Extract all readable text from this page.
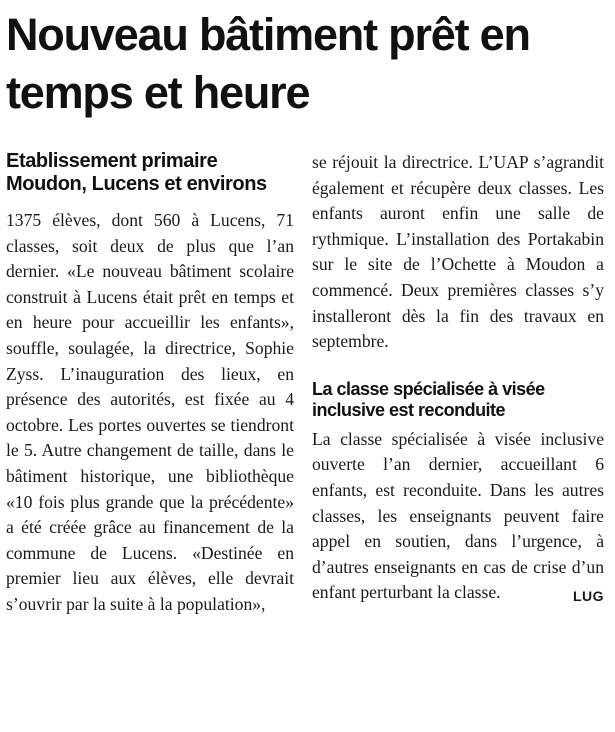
Nouveau bâtiment prêt en temps et heure
Etablissement primaire Moudon, Lucens et environs

1375 élèves, dont 560 à Lucens, 71 classes, soit deux de plus que l’an dernier. «Le nouveau bâtiment scolaire construit à Lucens était prêt en temps et en heure pour accueillir les enfants», souffle, soulagée, la directrice, Sophie Zyss. L’inauguration des lieux, en présence des autorités, est fixée au 4 octobre. Les portes ouvertes se tiendront le 5. Autre changement de taille, dans le bâtiment historique, une bibliothèque «10 fois plus grande que la précédente» a été créée grâce au financement de la commune de Lucens. «Destinée en premier lieu aux élèves, elle devrait s’ouvrir par la suite à la population»,

se réjouit la directrice. L’UAP s’agrandit également et récupère deux classes. Les enfants auront enfin une salle de rythmique. L’installation des Portakabin sur le site de l’Ochette à Moudon a commencé. Deux premières classes s’y installeront dès la fin des travaux en septembre.

La classe spécialisée à visée inclusive est reconduite

La classe spécialisée à visée inclusive ouverte l’an dernier, accueillant 6 enfants, est reconduite. Dans les autres classes, les enseignants peuvent faire appel en soutien, dans l’urgence, à d’autres enseignants en cas de crise d’un enfant perturbant la classe.	LUG
